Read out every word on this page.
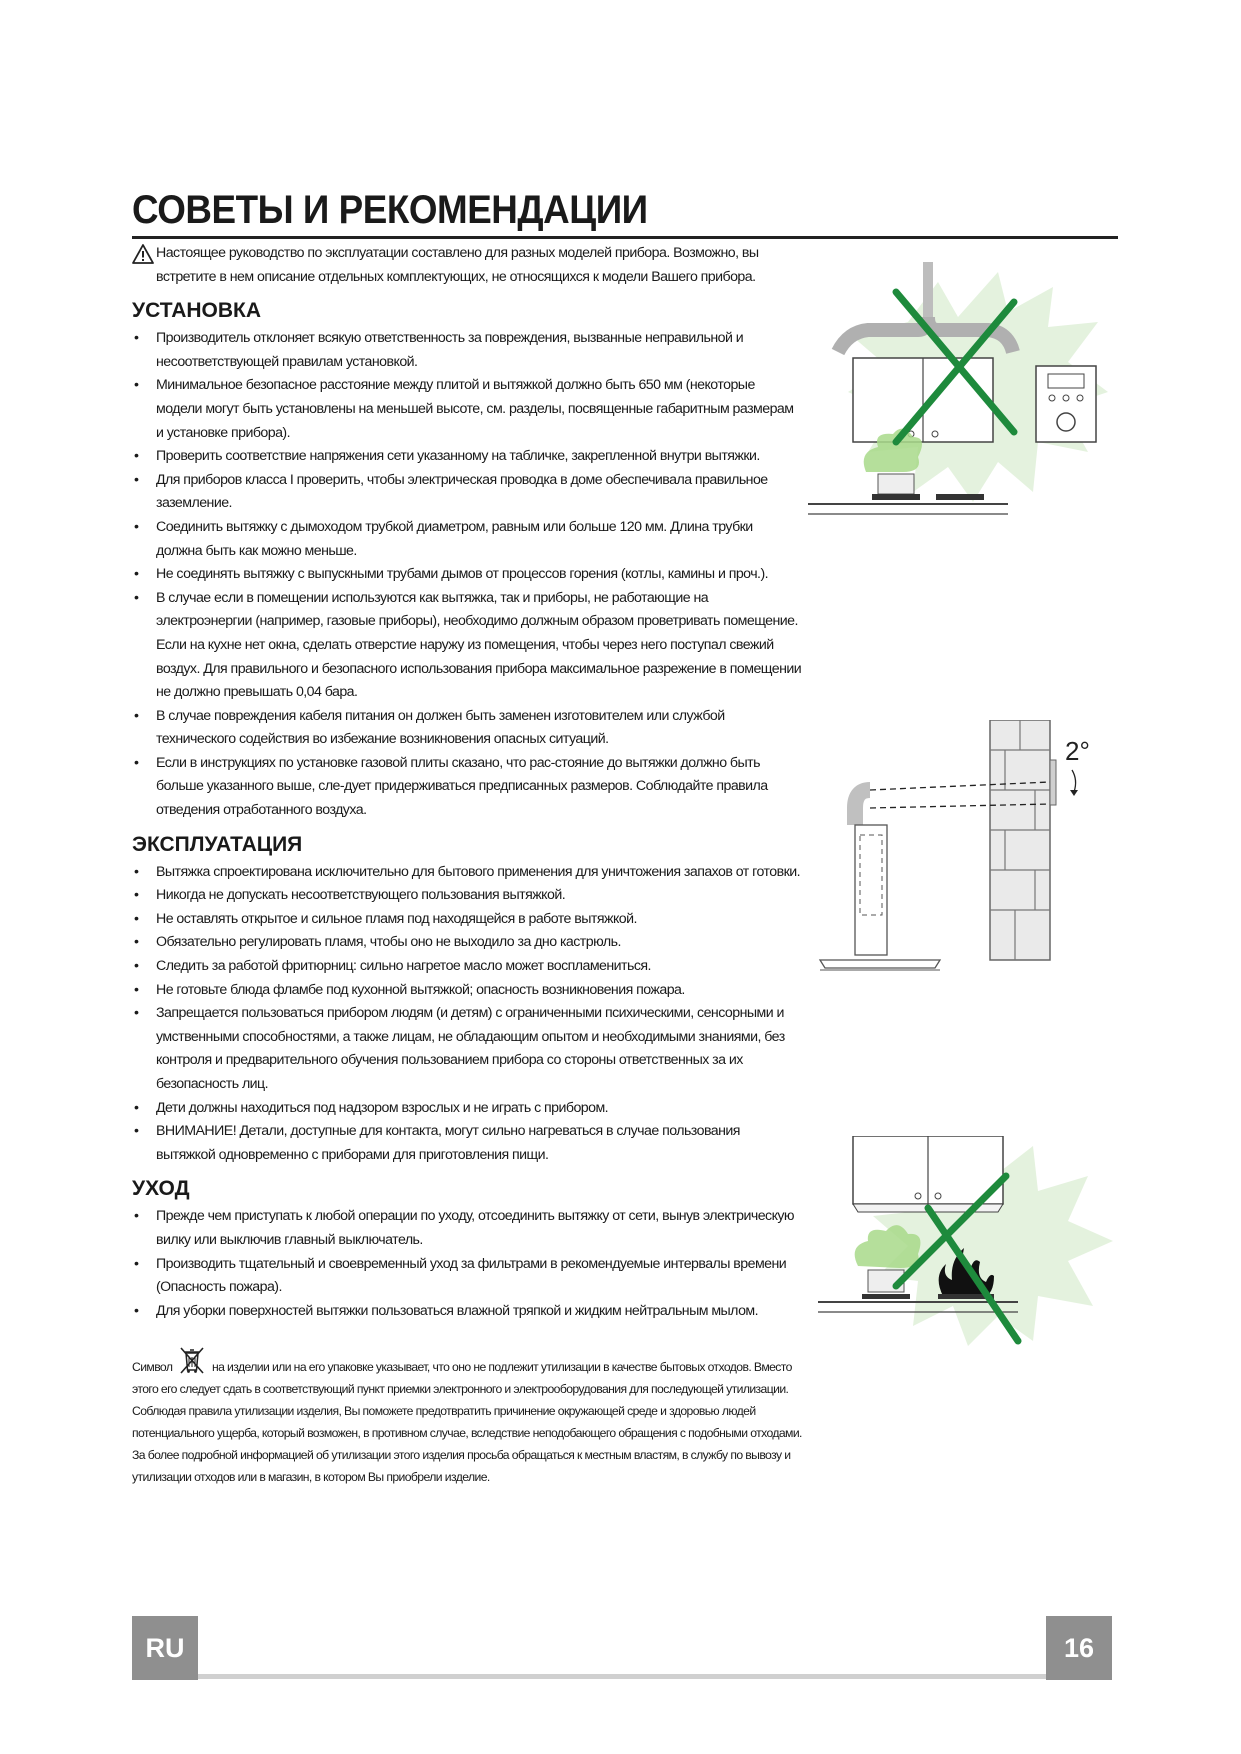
СОВЕТЫ И РЕКОМЕНДАЦИИ

Настоящее руководство по эксплуатации составлено для разных моделей прибора. Возможно, вы встретите в нем описание отдельных комплектующих, не относящихся к модели Вашего прибора.

УСТАНОВКА
• Производитель отклоняет всякую ответственность за повреждения, вызванные неправильной и несоответствующей правилам установкой.
• Минимальное безопасное расстояние между плитой и вытяжкой должно быть 650 мм (некоторые модели могут быть установлены на меньшей высоте, см. разделы, посвященные габаритным размерам и установке прибора).
• Проверить соответствие напряжения сети указанному на табличке, закрепленной внутри вытяжки.
• Для приборов класса I проверить, чтобы электрическая проводка в доме обеспечивала правильное заземление.
• Соединить вытяжку с дымоходом трубкой диаметром, равным или больше 120 мм. Длина трубки должна быть как можно меньше.
• Не соединять вытяжку с выпускными трубами дымов от процессов горения (котлы, камины и проч.).
• В случае если в помещении используются как вытяжка, так и приборы, не работающие на электроэнергии (например, газовые приборы), необходимо должным образом проветривать помещение. Если на кухне нет окна, сделать отверстие наружу из помещения, чтобы через него поступал свежий воздух. Для правильного и безопасного использования прибора максимальное разрежение в помещении не должно превышать 0,04 бара.
• В случае повреждения кабеля питания он должен быть заменен изготовителем или службой технического содействия во избежание возникновения опасных ситуаций.
• Если в инструкциях по установке газовой плиты сказано, что рас-стояние до вытяжки должно быть больше указанного выше, сле-дует придерживаться предписанных размеров. Соблюдайте правила отведения отработанного воздуха.
ЭКСПЛУАТАЦИЯ
• Вытяжка спроектирована исключительно для бытового применения для уничтожения запахов от готовки.
• Никогда не допускать несоответствующего пользования вытяжкой.
• Не оставлять открытое и сильное пламя под находящейся в работе вытяжкой.
• Обязательно регулировать пламя, чтобы оно не выходило за дно кастрюль.
• Следить за работой фритюрниц: сильно нагретое масло может воспламениться.
• Не готовьте блюда фламбе под кухонной вытяжкой; опасность возникновения пожара.
• Запрещается пользоваться прибором людям (и детям) с ограниченными психическими, сенсорными и умственными способностями, а также лицам, не обладающим опытом и необходимыми знаниями, без контроля и предварительного обучения пользованием прибора со стороны ответственных за их безопасность лиц.
• Дети должны находиться под надзором взрослых и не играть с прибором.
• ВНИМАНИЕ! Детали, доступные для контакта, могут сильно нагреваться в случае пользования вытяжкой одновременно с приборами для приготовления пищи.
УХОД
• Прежде чем приступать к любой операции по уходу, отсоединить вытяжку от сети, вынув электрическую вилку или выключив главный выключатель.
• Производить тщательный и своевременный уход за фильтрами в рекомендуемые интервалы времени (Опасность пожара).
• Для уборки поверхностей вытяжки пользоваться влажной тряпкой и жидким нейтральным мылом.

Символ	на изделии или на его упаковке указывает, что оно не подлежит утилизации в качестве бытовых отходов. Вместо этого его следует сдать в соответствующий пункт приемки электронного и электрооборудования для последующей утилизации. Соблюдая правила утилизации изделия, Вы поможете предотвратить причинение окружающей среде и здоровью людей потенциального ущерба, который возможен, в противном случае, вследствие неподобающего обращения с подобными отходами. За более подробной информацией об утилизации этого изделия просьба обращаться к местным властям, в службу по вывозу и утилизации отходов или в магазин, в котором Вы приобрели изделие.

2°
RU	16
